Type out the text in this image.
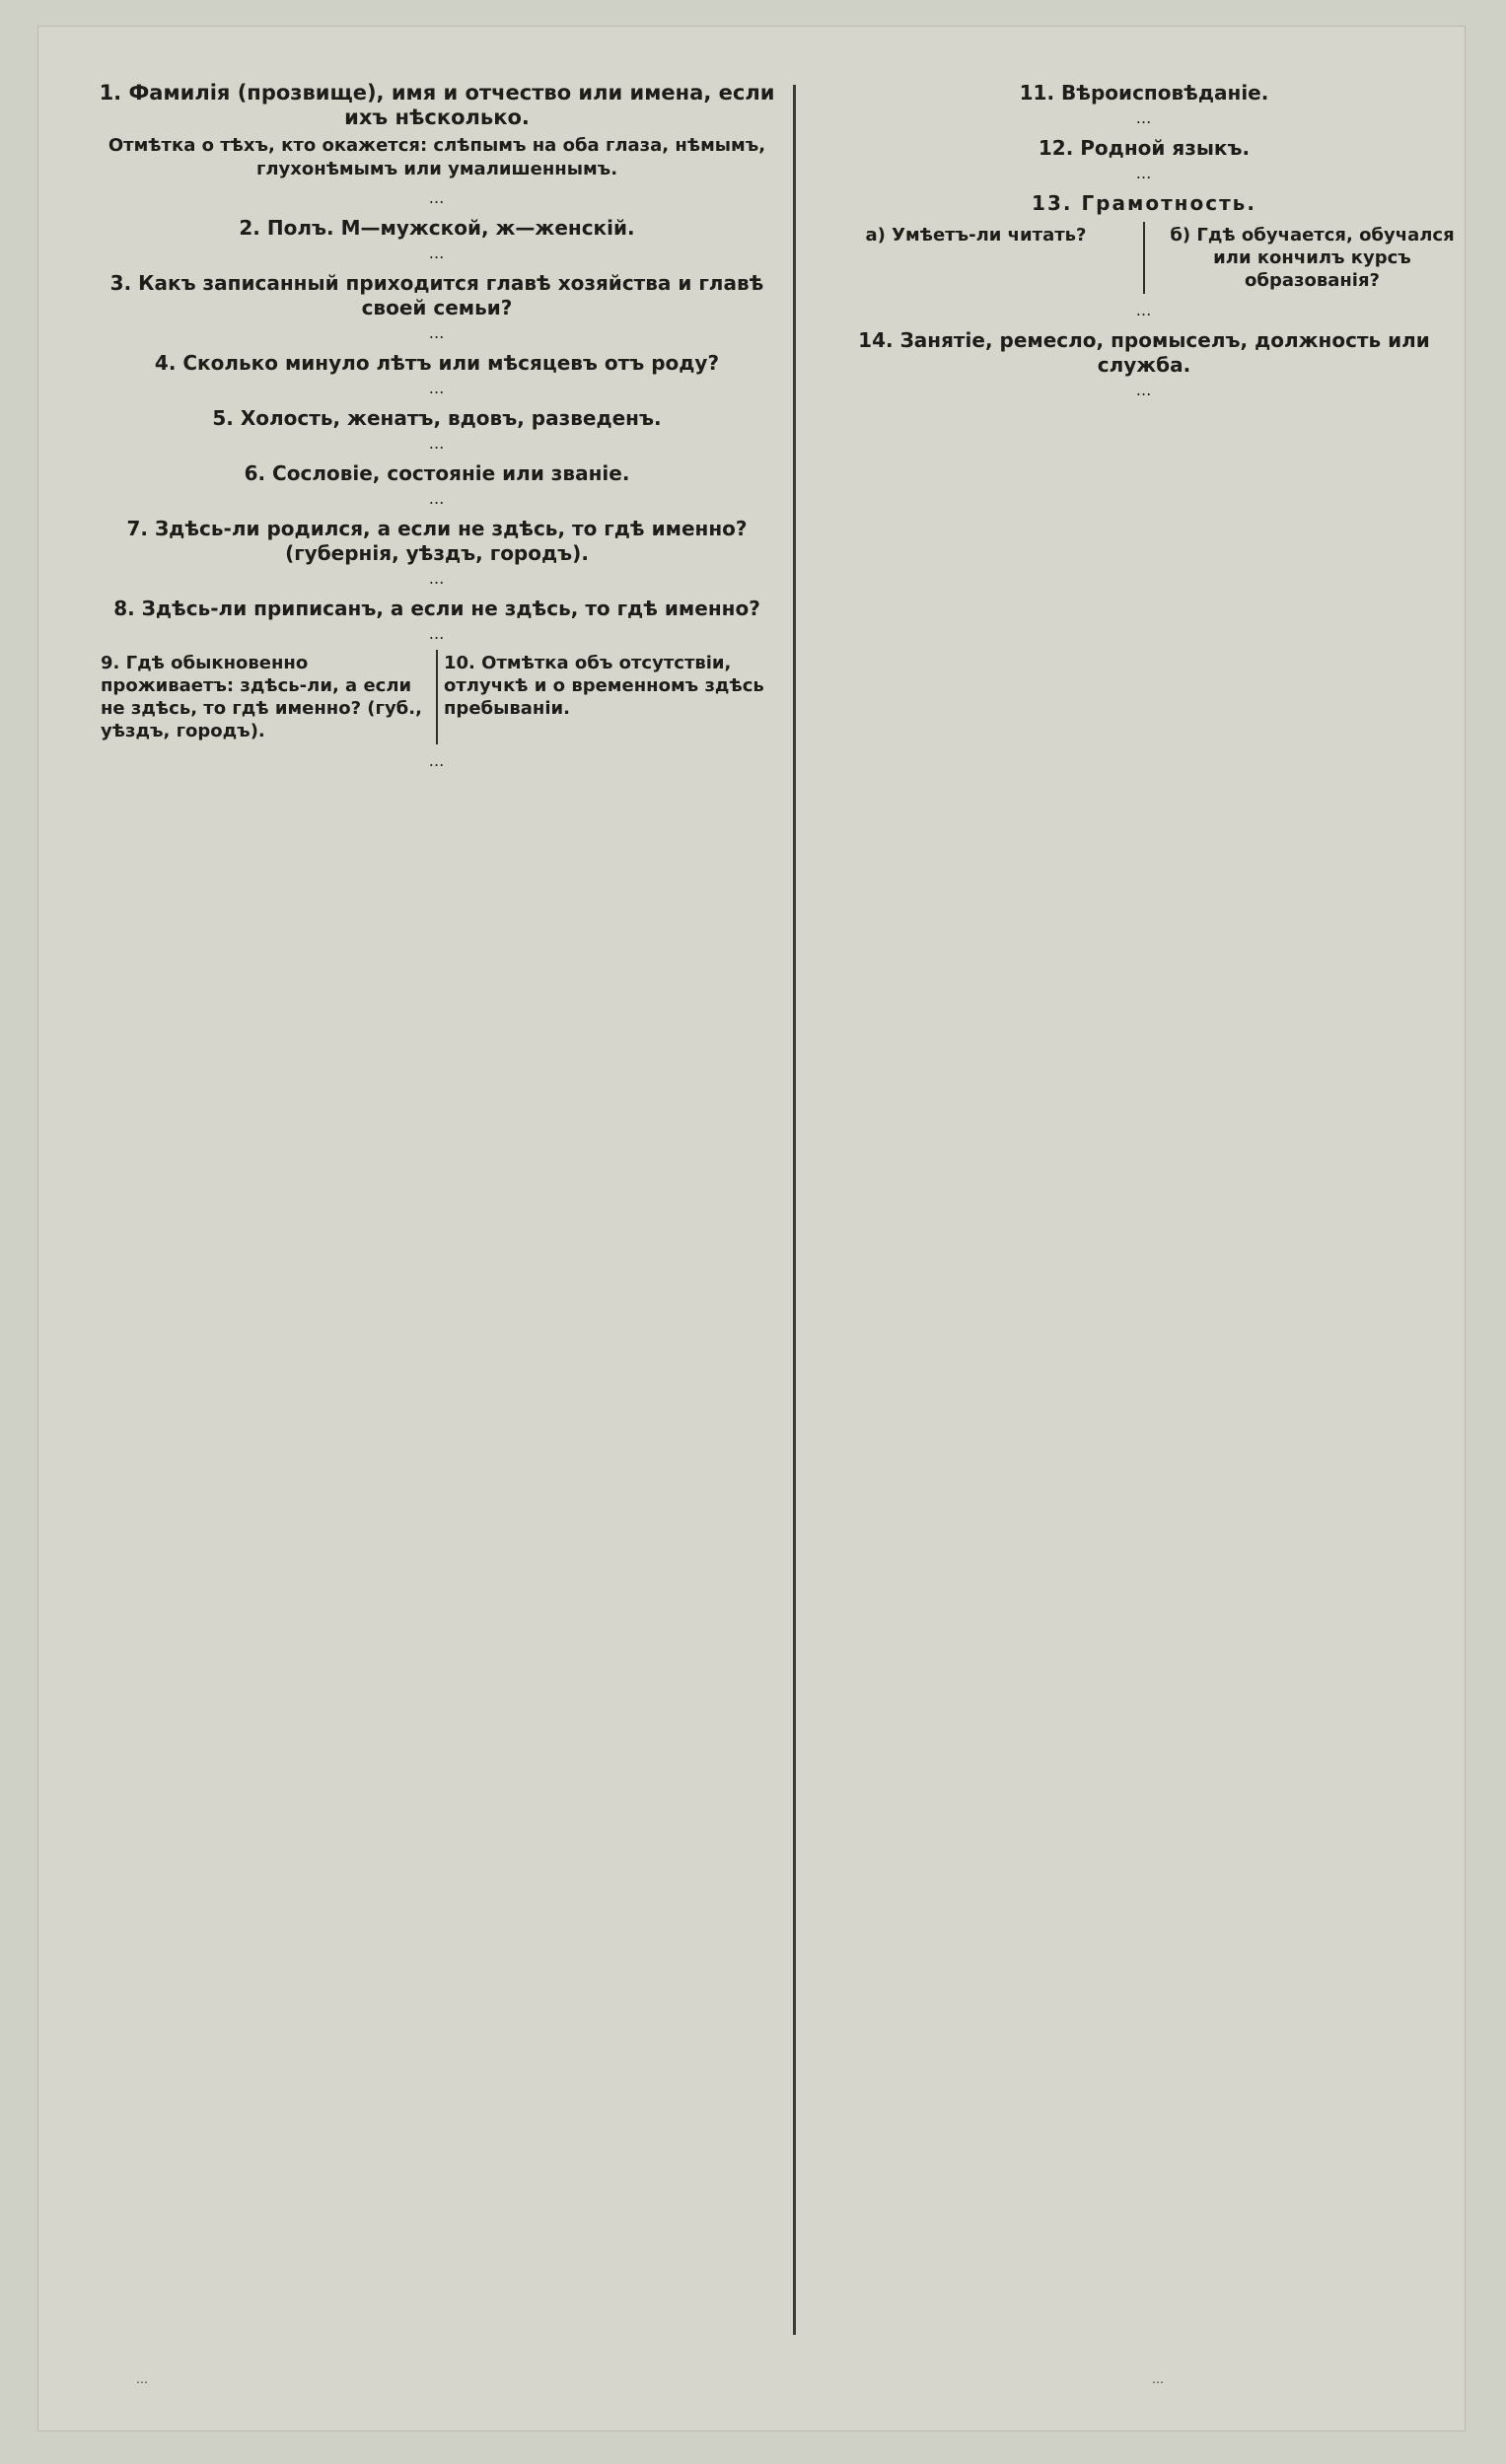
1. Фамилія (прозвище), имя и отчество или имена, если ихъ нѣсколько.
Отмѣтка о тѣхъ, кто окажется: слѣпымъ на оба глаза, нѣмымъ, глухонѣмымъ или умалишеннымъ.
…
2. Полъ. М—мужской, ж—женскій.
…
3. Какъ записанный приходится главѣ хозяйства и главѣ своей семьи?
…
4. Сколько минуло лѣтъ или мѣсяцевъ отъ роду?
…
5. Холость, женатъ, вдовъ, разведенъ.
…
6. Сословіе, состояніе или званіе.
…
7. Здѣсь-ли родился, а если не здѣсь, то гдѣ именно? (губернія, уѣздъ, городъ).
…
8. Здѣсь-ли приписанъ, а если не здѣсь, то гдѣ именно?
…
9. Гдѣ обыкновенно проживаетъ: здѣсь-ли, а если не здѣсь, то гдѣ именно? (губ., уѣздъ, городъ).
10. Отмѣтка объ отсутствіи, отлучкѣ и о временномъ здѣсь пребываніи.
…
11. Вѣроисповѣданіе.
…
12. Родной языкъ.
…
13. Грамотность.
а) Умѣетъ-ли читать?	б) Гдѣ обучается, обучался или кончилъ курсъ образованія?
…
14. Занятіе, ремесло, промыселъ, должность или служба.
…
…	…
